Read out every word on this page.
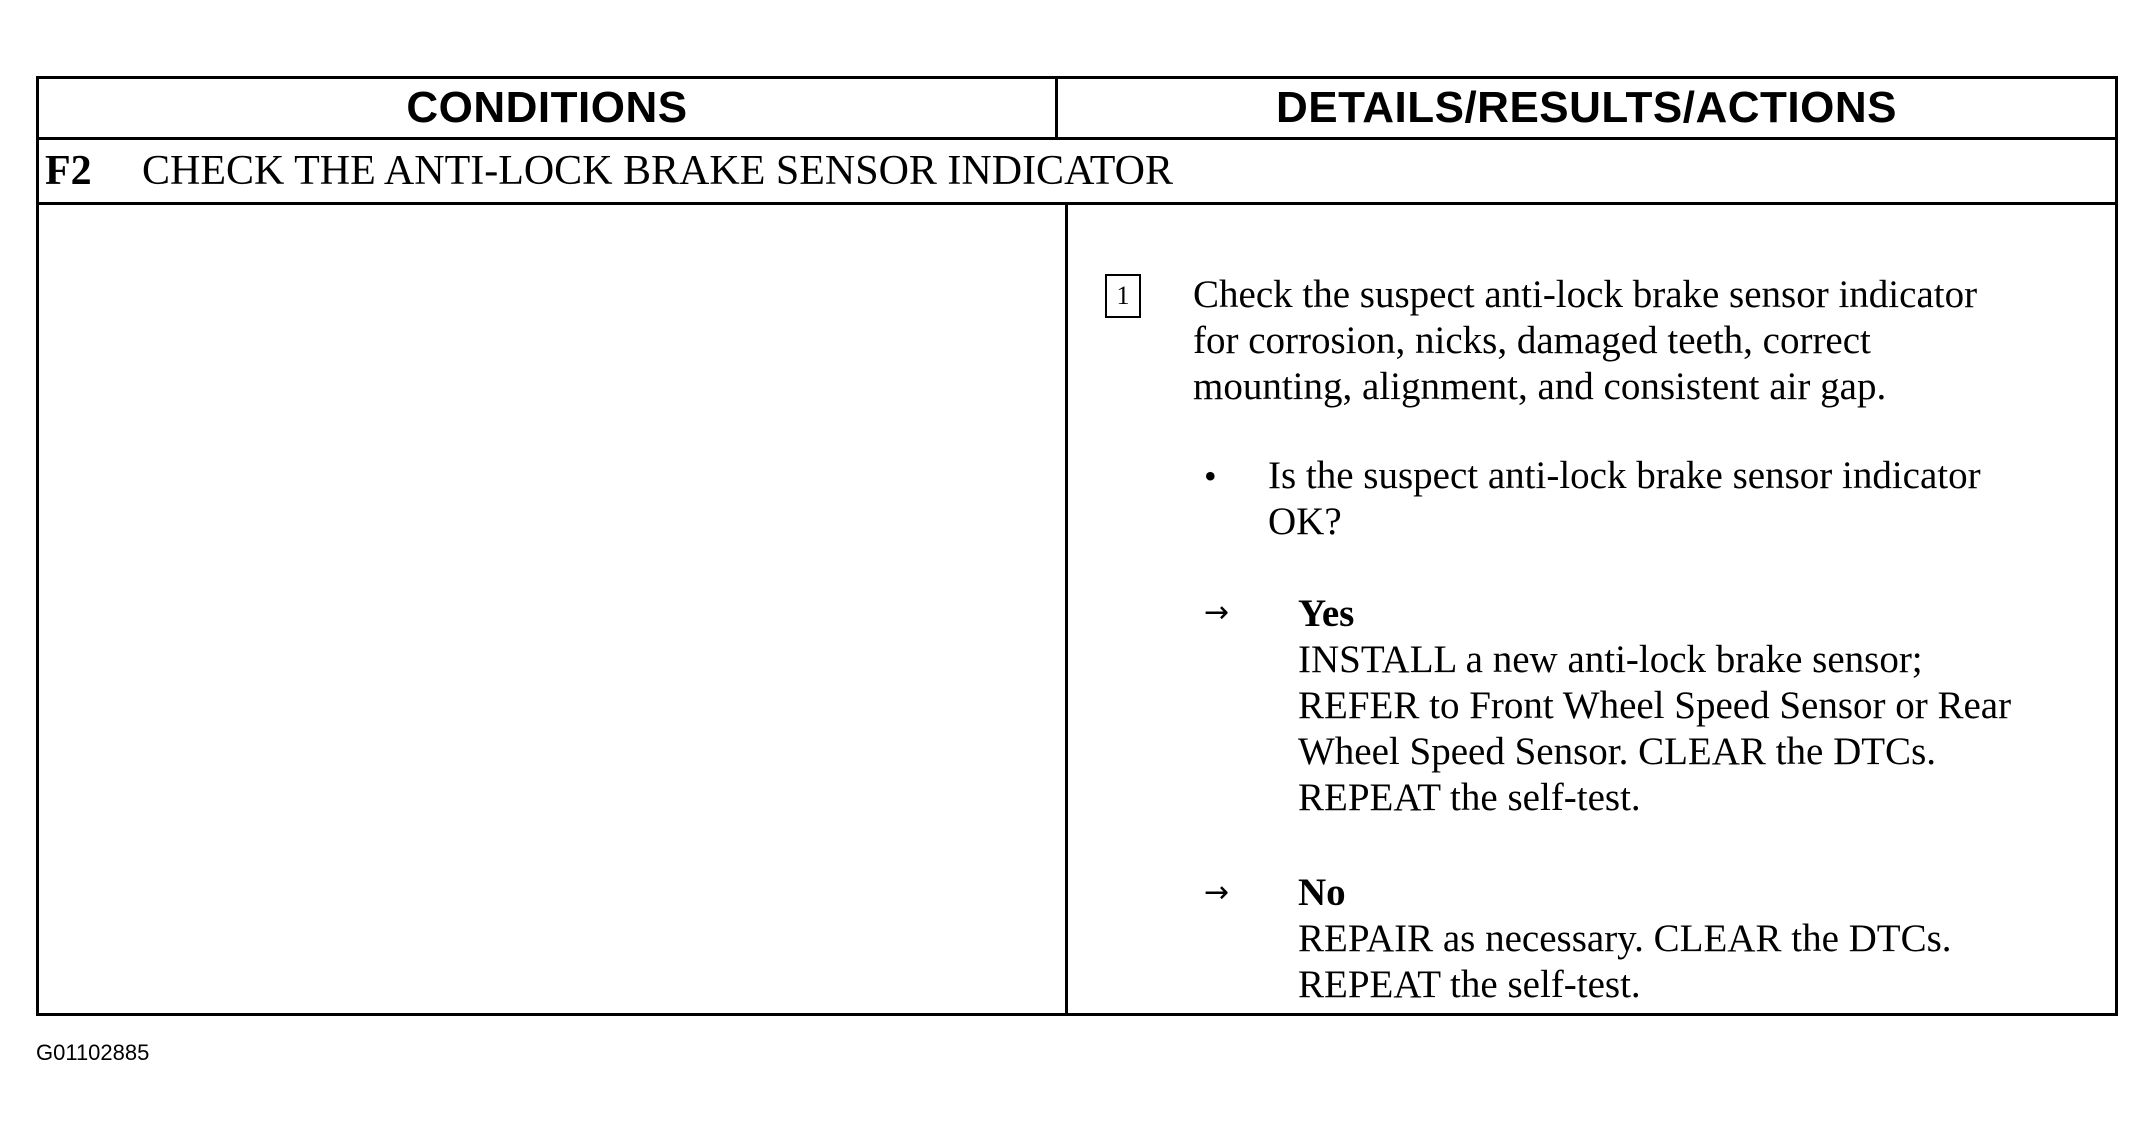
CONDITIONS	DETAILS/RESULTS/ACTIONS
F2	CHECK THE ANTI-LOCK BRAKE SENSOR INDICATOR
1 Check the suspect anti-lock brake sensor indicator

for corrosion, nicks, damaged teeth, correct

mounting, alignment, and consistent air gap.

• Is the suspect anti-lock brake sensor indicator

OK?

→ Yes

INSTALL a new anti-lock brake sensor;

REFER to Front Wheel Speed Sensor or Rear

Wheel Speed Sensor. CLEAR the DTCs.

REPEAT the self-test.

→ No

REPAIR as necessary. CLEAR the DTCs.

REPEAT the self-test.

G01102885
